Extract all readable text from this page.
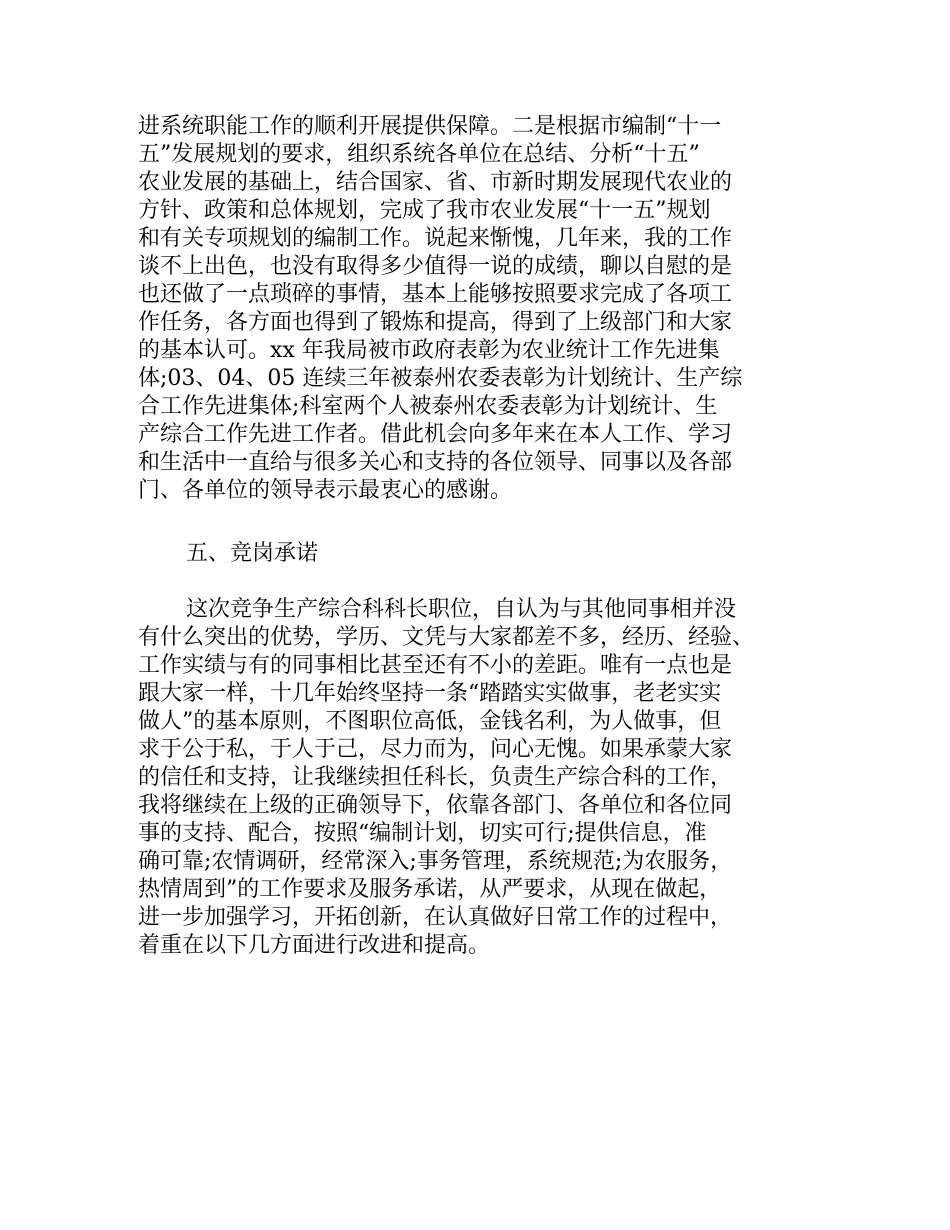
进系统职能工作的顺利开展提供保障。二是根据市编制“十一
五”发展规划的要求，组织系统各单位在总结、分析“十五”
农业发展的基础上，结合国家、省、市新时期发展现代农业的
方针、政策和总体规划，完成了我市农业发展“十一五”规划
和有关专项规划的编制工作。说起来惭愧，几年来，我的工作
谈不上出色，也没有取得多少值得一说的成绩，聊以自慰的是
也还做了一点琐碎的事情，基本上能够按照要求完成了各项工
作任务，各方面也得到了锻炼和提高，得到了上级部门和大家
的基本认可。xx 年我局被市政府表彰为农业统计工作先进集
体;03、04、05 连续三年被泰州农委表彰为计划统计、生产综
合工作先进集体;科室两个人被泰州农委表彰为计划统计、生
产综合工作先进工作者。借此机会向多年来在本人工作、学习
和生活中一直给与很多关心和支持的各位领导、同事以及各部
门、各单位的领导表示最衷心的感谢。
五、竞岗承诺
这次竞争生产综合科科长职位，自认为与其他同事相并没
有什么突出的优势，学历、文凭与大家都差不多，经历、经验、
工作实绩与有的同事相比甚至还有不小的差距。唯有一点也是
跟大家一样，十几年始终坚持一条“踏踏实实做事，老老实实
做人”的基本原则，不图职位高低，金钱名利，为人做事，但
求于公于私，于人于己，尽力而为，问心无愧。如果承蒙大家
的信任和支持，让我继续担任科长，负责生产综合科的工作，
我将继续在上级的正确领导下，依靠各部门、各单位和各位同
事的支持、配合，按照“编制计划，切实可行;提供信息，准
确可靠;农情调研，经常深入;事务管理，系统规范;为农服务，
热情周到”的工作要求及服务承诺，从严要求，从现在做起，
进一步加强学习，开拓创新，在认真做好日常工作的过程中，
着重在以下几方面进行改进和提高。
